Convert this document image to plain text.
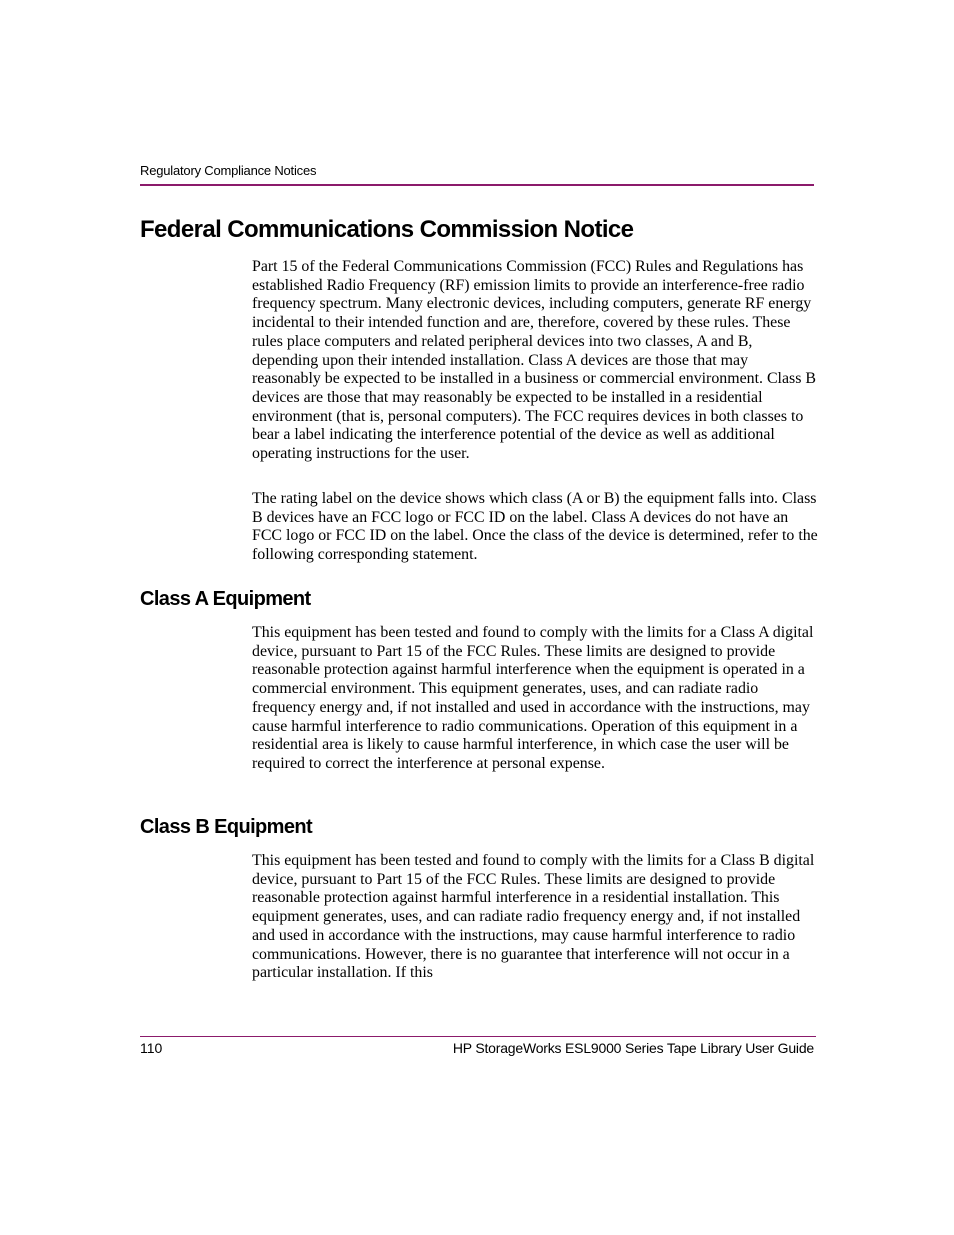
Regulatory Compliance Notices
Federal Communications Commission Notice

Part 15 of the Federal Communications Commission (FCC) Rules and Regulations has established Radio Frequency (RF) emission limits to provide an interference-free radio frequency spectrum. Many electronic devices, including computers, generate RF energy incidental to their intended function and are, therefore, covered by these rules. These rules place computers and related peripheral devices into two classes, A and B, depending upon their intended installation. Class A devices are those that may reasonably be expected to be installed in a business or commercial environment. Class B devices are those that may reasonably be expected to be installed in a residential environment (that is, personal computers). The FCC requires devices in both classes to bear a label indicating the interference potential of the device as well as additional operating instructions for the user.

The rating label on the device shows which class (A or B) the equipment falls into. Class B devices have an FCC logo or FCC ID on the label. Class A devices do not have an FCC logo or FCC ID on the label. Once the class of the device is determined, refer to the following corresponding statement.

Class A Equipment

This equipment has been tested and found to comply with the limits for a Class A digital device, pursuant to Part 15 of the FCC Rules. These limits are designed to provide reasonable protection against harmful interference when the equipment is operated in a commercial environment. This equipment generates, uses, and can radiate radio frequency energy and, if not installed and used in accordance with the instructions, may cause harmful interference to radio communications. Operation of this equipment in a residential area is likely to cause harmful interference, in which case the user will be required to correct the interference at personal expense.

Class B Equipment

This equipment has been tested and found to comply with the limits for a Class B digital device, pursuant to Part 15 of the FCC Rules. These limits are designed to provide reasonable protection against harmful interference in a residential installation. This equipment generates, uses, and can radiate radio frequency energy and, if not installed and used in accordance with the instructions, may cause harmful interference to radio communications. However, there is no guarantee that interference will not occur in a particular installation. If this

110	HP StorageWorks ESL9000 Series Tape Library User Guide
